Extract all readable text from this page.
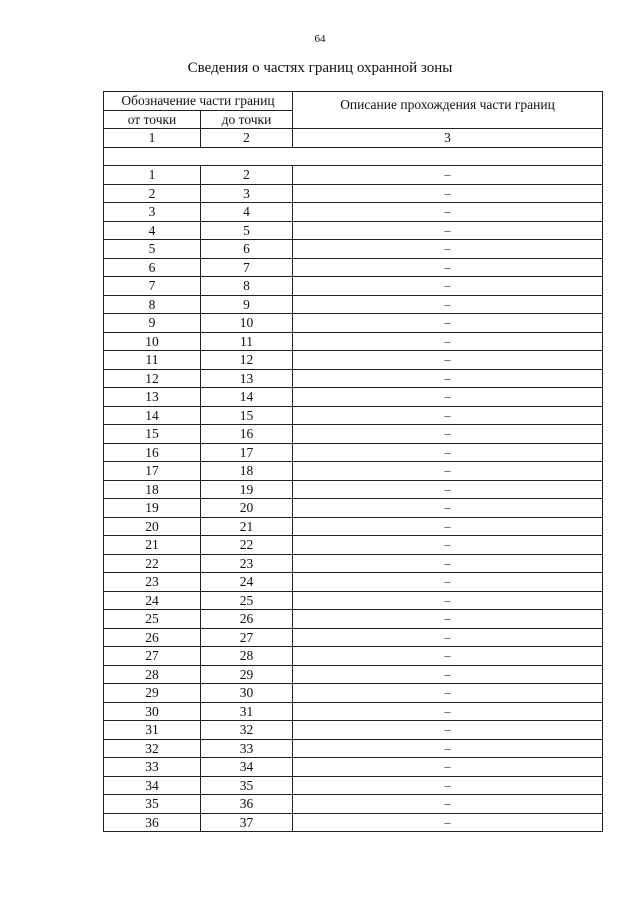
64
Сведения о частях границ охранной зоны
Обозначение части границ		Описание прохождения части границ
от точки	до точки	
1	2	3

1	2	–
2	3	–
3	4	–
4	5	–
5	6	–
6	7	–
7	8	–
8	9	–
9	10	–
10	11	–
11	12	–
12	13	–
13	14	–
14	15	–
15	16	–
16	17	–
17	18	–
18	19	–
19	20	–
20	21	–
21	22	–
22	23	–
23	24	–
24	25	–
25	26	–
26	27	–
27	28	–
28	29	–
29	30	–
30	31	–
31	32	–
32	33	–
33	34	–
34	35	–
35	36	–
36	37	–
